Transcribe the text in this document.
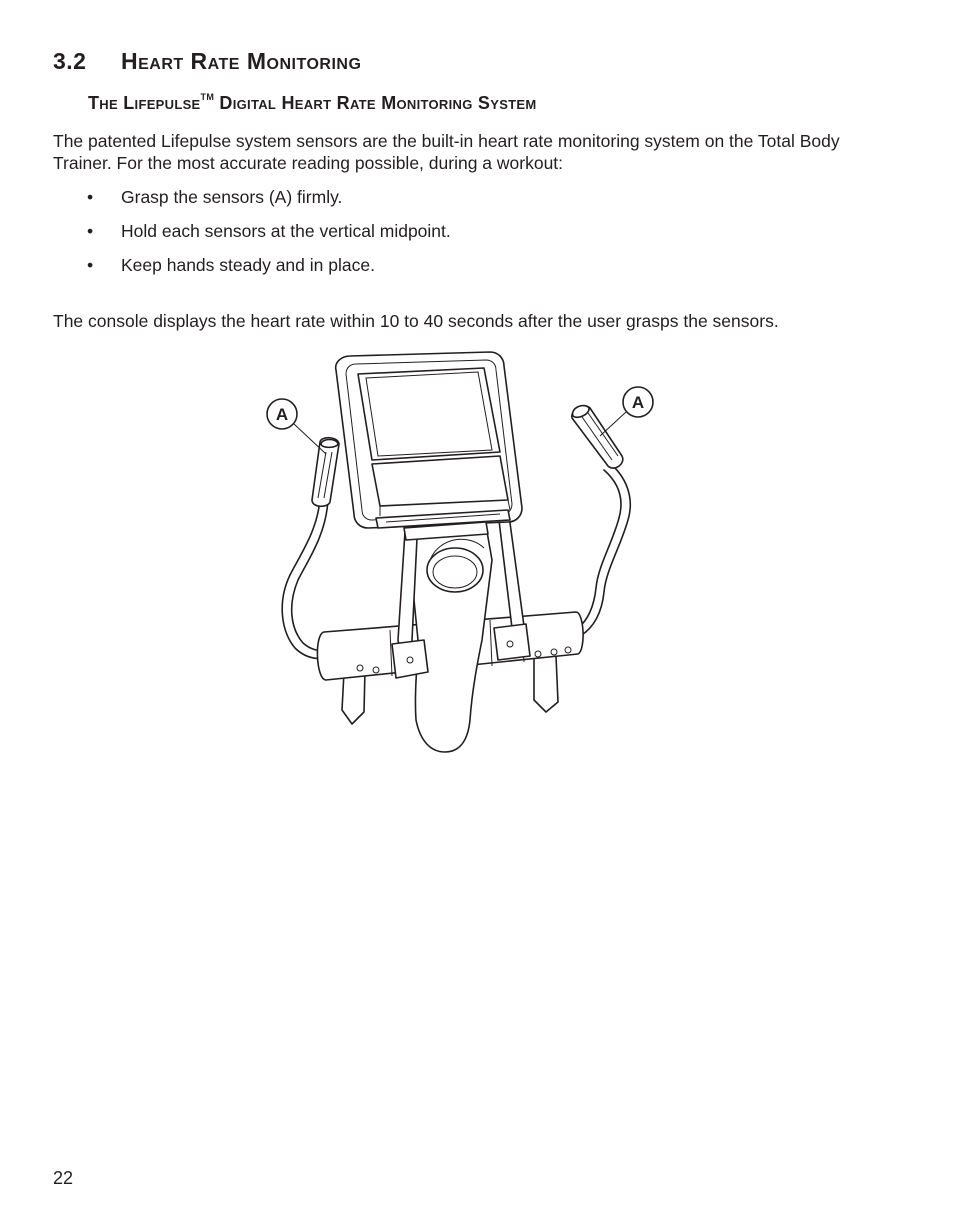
3.2 Heart Rate Monitoring
The Lifepulse™ Digital Heart Rate Monitoring System

The patented Lifepulse system sensors are the built-in heart rate monitoring system on the Total Body Trainer. For the most accurate reading possible, during a workout:

• Grasp the sensors (A) firmly.
• Hold each sensors at the vertical midpoint.
• Keep hands steady and in place.

The console displays the heart rate within 10 to 40 seconds after the user grasps the sensors.

A
A

22
